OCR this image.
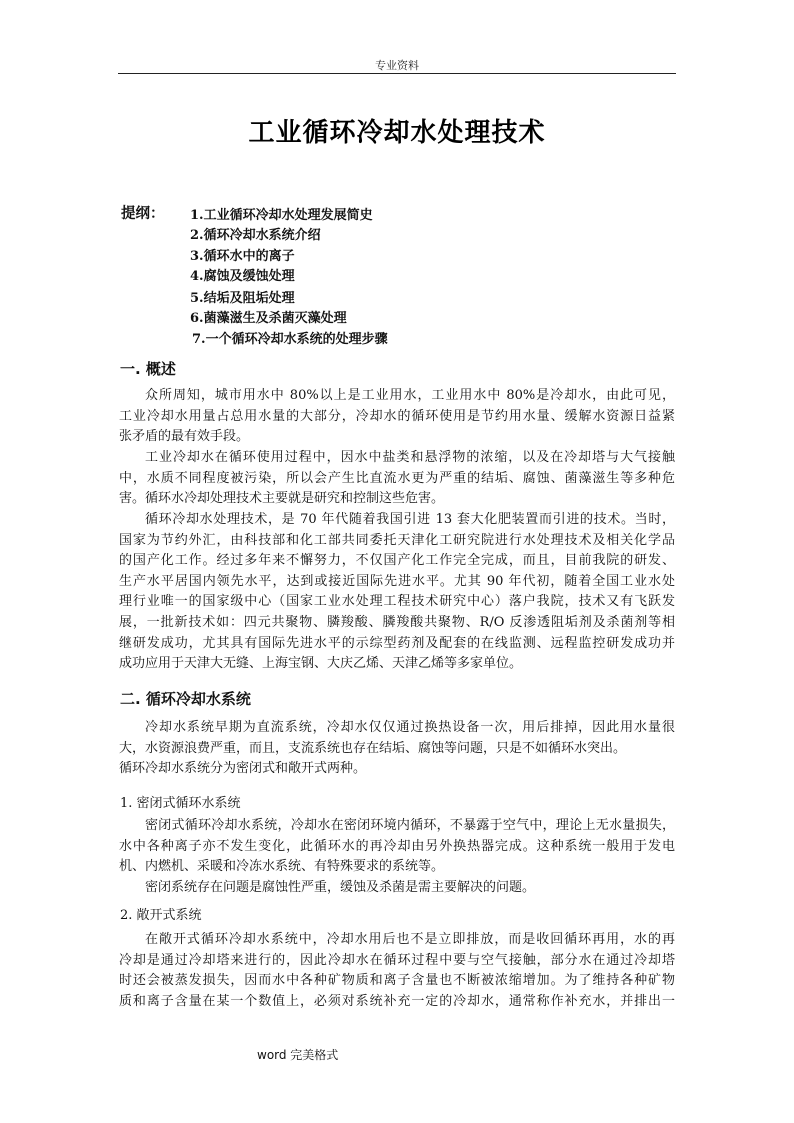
专业资料
工业循环冷却水处理技术
提纲： 1.工业循环冷却水处理发展简史
2.循环冷却水系统介绍
3.循环水中的离子
4.腐蚀及缓蚀处理
5.结垢及阻垢处理
6.菌藻滋生及杀菌灭藻处理
7.一个循环冷却水系统的处理步骤
一. 概述
众所周知，城市用水中 80%以上是工业用水，工业用水中 80%是冷却水，由此可见，
工业冷却水用量占总用水量的大部分，冷却水的循环使用是节约用水量、缓解水资源日益紧
张矛盾的最有效手段。
工业冷却水在循环使用过程中，因水中盐类和悬浮物的浓缩，以及在冷却塔与大气接触
中，水质不同程度被污染，所以会产生比直流水更为严重的结垢、腐蚀、菌藻滋生等多种危
害。循环水冷却处理技术主要就是研究和控制这些危害。
循环冷却水处理技术，是 70 年代随着我国引进 13 套大化肥装置而引进的技术。当时，
国家为节约外汇，由科技部和化工部共同委托天津化工研究院进行水处理技术及相关化学品
的国产化工作。经过多年来不懈努力，不仅国产化工作完全完成，而且，目前我院的研发、
生产水平居国内领先水平，达到或接近国际先进水平。尤其 90 年代初，随着全国工业水处
理行业唯一的国家级中心（国家工业水处理工程技术研究中心）落户我院，技术又有飞跃发
展，一批新技术如：四元共聚物、膦羧酸、膦羧酸共聚物、R/O 反渗透阻垢剂及杀菌剂等相
继研发成功，尤其具有国际先进水平的示综型药剂及配套的在线监测、远程监控研发成功并
成功应用于天津大无缝、上海宝钢、大庆乙烯、天津乙烯等多家单位。
二. 循环冷却水系统
冷却水系统早期为直流系统，冷却水仅仅通过换热设备一次，用后排掉，因此用水量很
大，水资源浪费严重，而且，支流系统也存在结垢、腐蚀等问题，只是不如循环水突出。
循环冷却水系统分为密闭式和敞开式两种。
1. 密闭式循环水系统
密闭式循环冷却水系统，冷却水在密闭环境内循环，不暴露于空气中，理论上无水量损失，
水中各种离子亦不发生变化，此循环水的再冷却由另外换热器完成。这种系统一般用于发电
机、内燃机、采暖和冷冻水系统、有特殊要求的系统等。
密闭系统存在问题是腐蚀性严重，缓蚀及杀菌是需主要解决的问题。
2. 敞开式系统
在敞开式循环冷却水系统中，冷却水用后也不是立即排放，而是收回循环再用，水的再
冷却是通过冷却塔来进行的，因此冷却水在循环过程中要与空气接触，部分水在通过冷却塔
时还会被蒸发损失，因而水中各种矿物质和离子含量也不断被浓缩增加。为了维持各种矿物
质和离子含量在某一个数值上，必须对系统补充一定的冷却水，通常称作补充水，并排出一
word 完美格式
